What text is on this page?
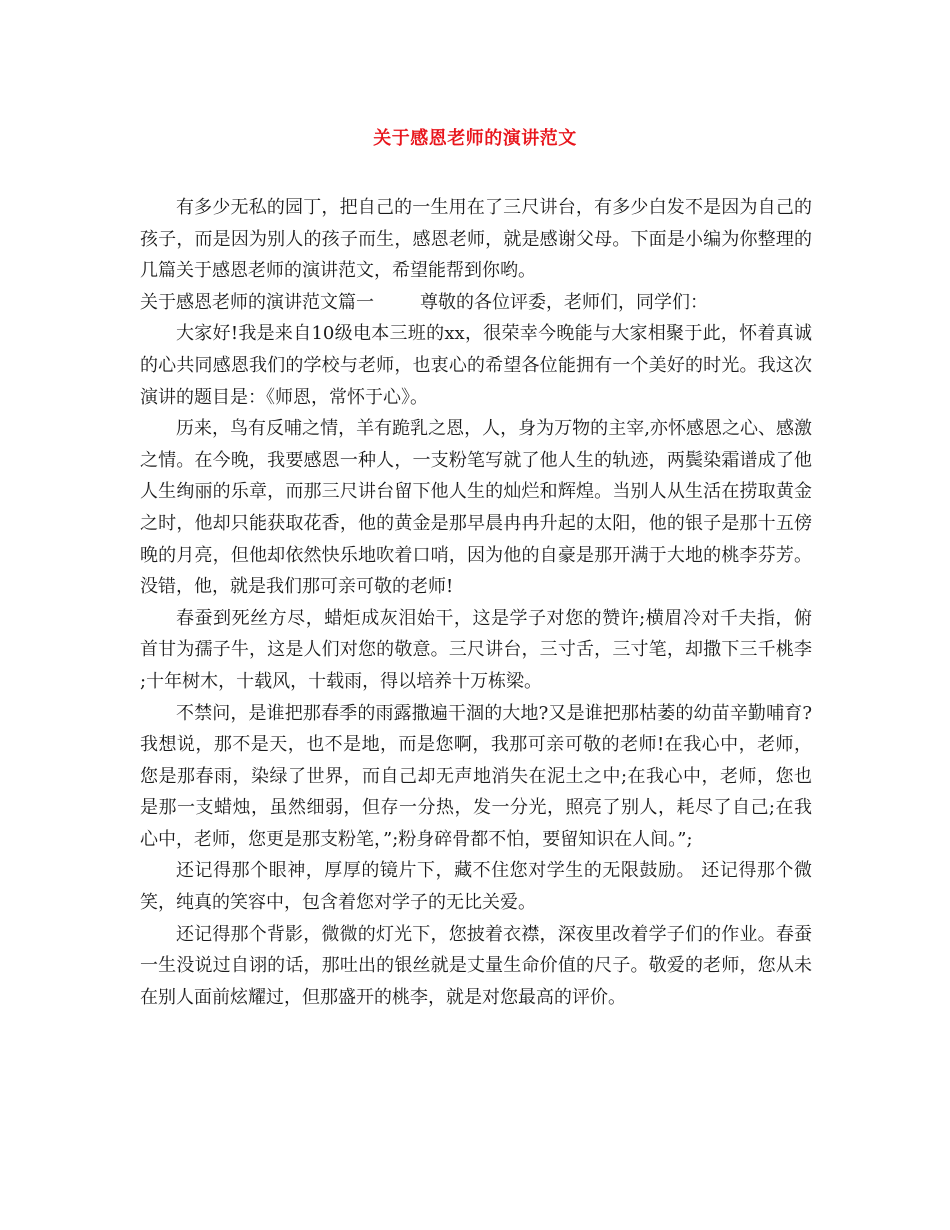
关于感恩老师的演讲范文

有多少无私的园丁，把自己的一生用在了三尺讲台，有多少白发不是因为自己的孩子，而是因为别人的孩子而生，感恩老师，就是感谢父母。下面是小编为你整理的几篇关于感恩老师的演讲范文，希望能帮到你哟。

关于感恩老师的演讲范文篇一	尊敬的各位评委，老师们，同学们：

大家好!我是来自10级电本三班的xx，很荣幸今晚能与大家相聚于此，怀着真诚的心共同感恩我们的学校与老师，也衷心的希望各位能拥有一个美好的时光。我这次演讲的题目是：《师恩，常怀于心》。

历来，鸟有反哺之情，羊有跪乳之恩，人，身为万物的主宰,亦怀感恩之心、感激之情。在今晚，我要感恩一种人，一支粉笔写就了他人生的轨迹，两鬓染霜谱成了他人生绚丽的乐章，而那三尺讲台留下他人生的灿烂和辉煌。当别人从生活在捞取黄金之时，他却只能获取花香，他的黄金是那早晨冉冉升起的太阳，他的银子是那十五傍晚的月亮，但他却依然快乐地吹着口哨，因为他的自豪是那开满于大地的桃李芬芳。没错，他，就是我们那可亲可敬的老师!

春蚕到死丝方尽，蜡炬成灰泪始干，这是学子对您的赞许;横眉冷对千夫指，俯首甘为孺子牛，这是人们对您的敬意。三尺讲台，三寸舌，三寸笔，却撒下三千桃李 ;十年树木，十载风，十载雨，得以培养十万栋梁。

不禁问，是谁把那春季的雨露撒遍干涸的大地?又是谁把那枯萎的幼苗辛勤哺育?我想说，那不是天，也不是地，而是您啊，我那可亲可敬的老师!在我心中，老师，您是那春雨，染绿了世界，而自己却无声地消失在泥土之中;在我心中，老师，您也是那一支蜡烛，虽然细弱，但存一分热，发一分光，照亮了别人，耗尽了自己;在我心中，老师，您更是那支粉笔，”;粉身碎骨都不怕，要留知识在人间。”;

还记得那个眼神，厚厚的镜片下，藏不住您对学生的无限鼓励。 还记得那个微笑，纯真的笑容中，包含着您对学子的无比关爱。

还记得那个背影，微微的灯光下，您披着衣襟，深夜里改着学子们的作业。春蚕一生没说过自诩的话，那吐出的银丝就是丈量生命价值的尺子。敬爱的老师，您从未在别人面前炫耀过，但那盛开的桃李，就是对您最高的评价。
